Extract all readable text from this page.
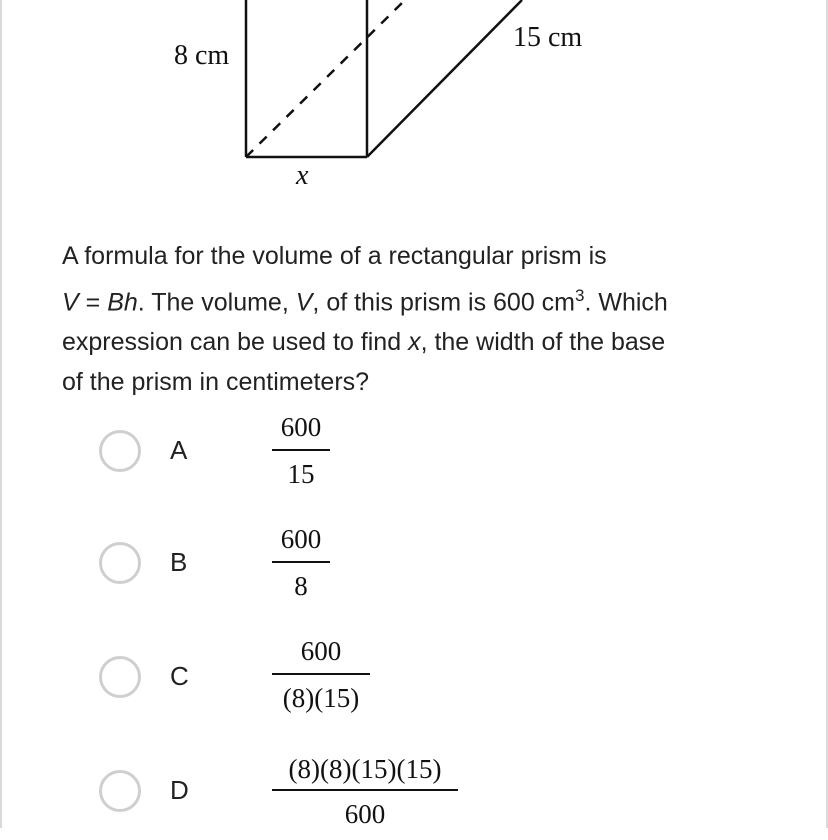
8 cm
15 cm
x
A formula for the volume of a rectangular prism is
V = Bh. The volume, V, of this prism is 600 $cm^3$. Which
expression can be used to find x, the width of the base
of the prism in centimeters?
A
600
15
B
600
8
C
600
(8)(15)
D
(8)(8)(15)(15)
600
